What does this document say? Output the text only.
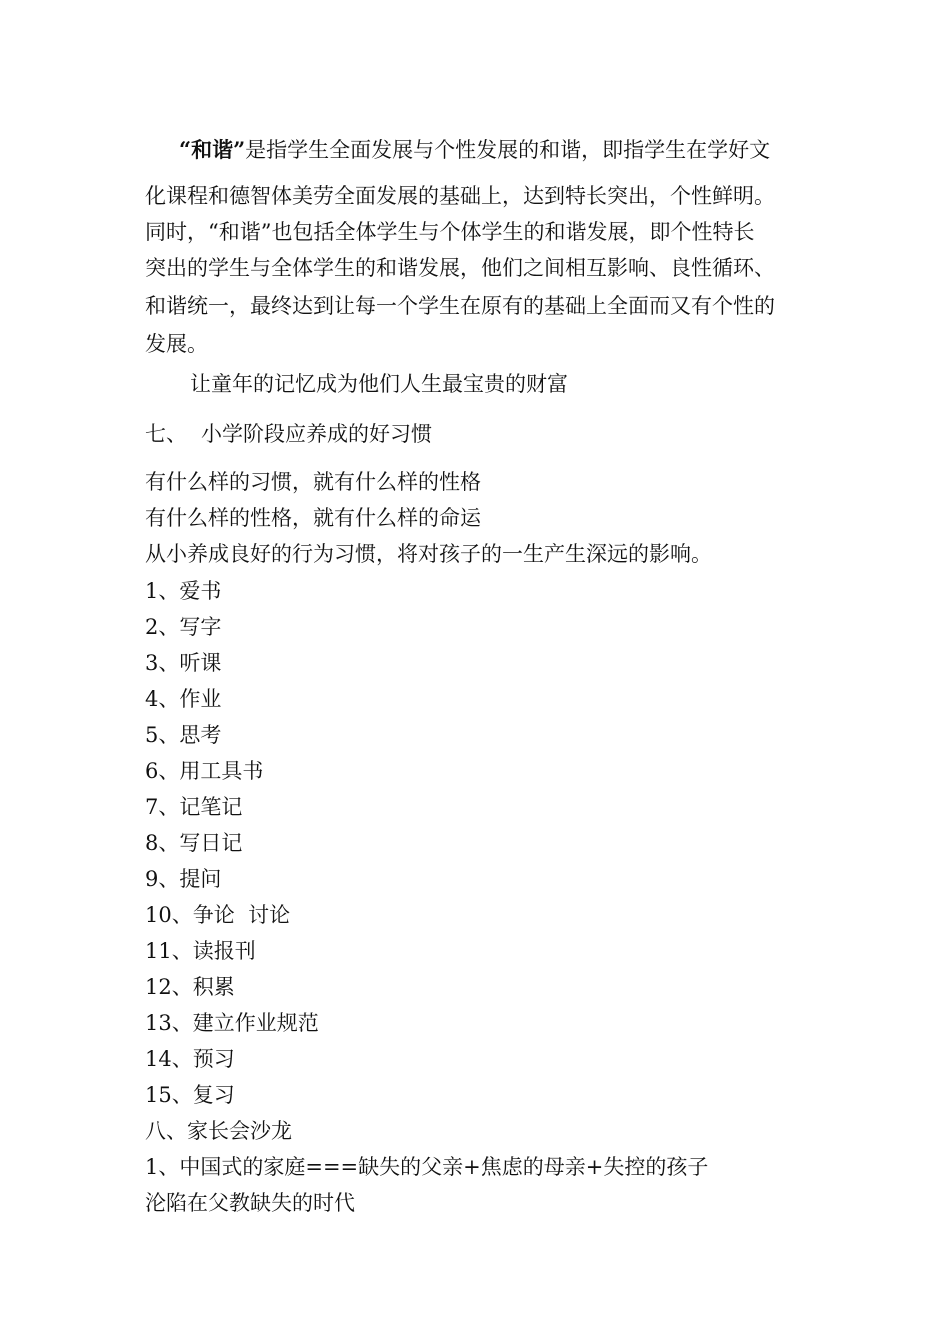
“和谐”是指学生全面发展与个性发展的和谐，即指学生在学好文
化课程和德智体美劳全面发展的基础上，达到特长突出，个性鲜明。
同时，“和谐”也包括全体学生与个体学生的和谐发展，即个性特长
突出的学生与全体学生的和谐发展，他们之间相互影响、良性循环、
和谐统一，最终达到让每一个学生在原有的基础上全面而又有个性的
发展。
让童年的记忆成为他们人生最宝贵的财富
七、 小学阶段应养成的好习惯
有什么样的习惯，就有什么样的性格
有什么样的性格，就有什么样的命运
从小养成良好的行为习惯，将对孩子的一生产生深远的影响。
1、爱书
2、写字
3、听课
4、作业
5、思考
6、用工具书
7、记笔记
8、写日记
9、提问
10、争论  讨论
11、读报刊
12、积累
13、建立作业规范
14、预习
15、复习
八、家长会沙龙
1、中国式的家庭===缺失的父亲+焦虑的母亲+失控的孩子
沦陷在父教缺失的时代
